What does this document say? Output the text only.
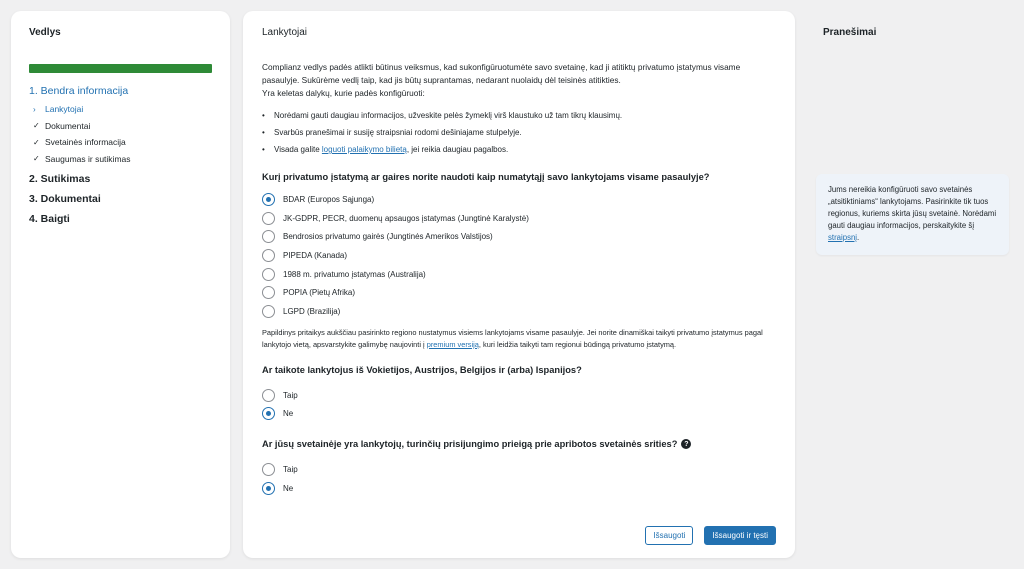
Vedlys
1. Bendra informacija
›	Lankytojai
✓ Dokumentai
✓ Svetainės informacija
✓ Saugumas ir sutikimas
2. Sutikimas
3. Dokumentai
4. Baigti
Lankytojai
Complianz vedlys padės atlikti būtinus veiksmus, kad sukonfigūruotumėte savo svetainę, kad ji atitiktų privatumo įstatymus visame pasaulyje. Sukūrėme vedlį taip, kad jis būtų suprantamas, nedarant nuolaidų dėl teisinės atitikties.
Yra keletas dalykų, kurie padės konfigūruoti:
• Norėdami gauti daugiau informacijos, užveskite pelės žymeklį virš klaustuko už tam tikrų klausimų.
• Svarbūs pranešimai ir susiję straipsniai rodomi dešiniajame stulpelyje.
• Visada galite loguoti palaikymo bilietą, jei reikia daugiau pagalbos.
Kurį privatumo įstatymą ar gaires norite naudoti kaip numatytąjį savo lankytojams visame pasaulyje?
BDAR (Europos Sąjunga)
JK-GDPR, PECR, duomenų apsaugos įstatymas (Jungtinė Karalystė)
Bendrosios privatumo gairės (Jungtinės Amerikos Valstijos)
PIPEDA (Kanada)
1988 m. privatumo įstatymas (Australija)
POPIA (Pietų Afrika)
LGPD (Brazilija)
Papildinys pritaikys aukščiau pasirinkto regiono nustatymus visiems lankytojams visame pasaulyje. Jei norite dinamiškai taikyti privatumo įstatymus pagal lankytojo vietą, apsvarstykite galimybę naujovinti į premium versiją, kuri leidžia taikyti tam regionui būdingą privatumo įstatymą.
Ar taikote lankytojus iš Vokietijos, Austrijos, Belgijos ir (arba) Ispanijos?
Taip
Ne
Ar jūsų svetainėje yra lankytojų, turinčių prisijungimo prieigą prie apribotos svetainės srities? ?
Taip
Ne
Išsaugoti	Išsaugoti ir tęsti
Pranešimai
Jums nereikia konfigūruoti savo svetainės „atsitiktiniams“ lankytojams. Pasirinkite tik tuos regionus, kuriems skirta jūsų svetainė. Norėdami gauti daugiau informacijos, perskaitykite šį straipsnį.
